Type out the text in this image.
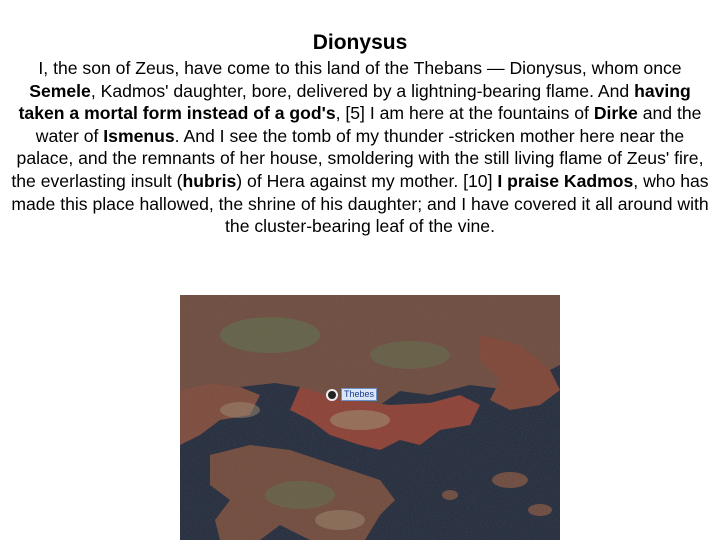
Dionysus

I, the son of Zeus, have come to this land of the Thebans — Dionysus, whom once Semele, Kadmos' daughter, bore, delivered by a lightning-bearing flame. And having taken a mortal form instead of a god's, [5] I am here at the fountains of Dirke and the water of Ismenus. And I see the tomb of my thunder -stricken mother here near the palace, and the remnants of her house, smoldering with the still living flame of Zeus' fire, the everlasting insult (hubris) of Hera against my mother. [10] I praise Kadmos, who has made this place hallowed, the shrine of his daughter; and I have covered it all around with the cluster-bearing leaf of the vine.

Thebes
